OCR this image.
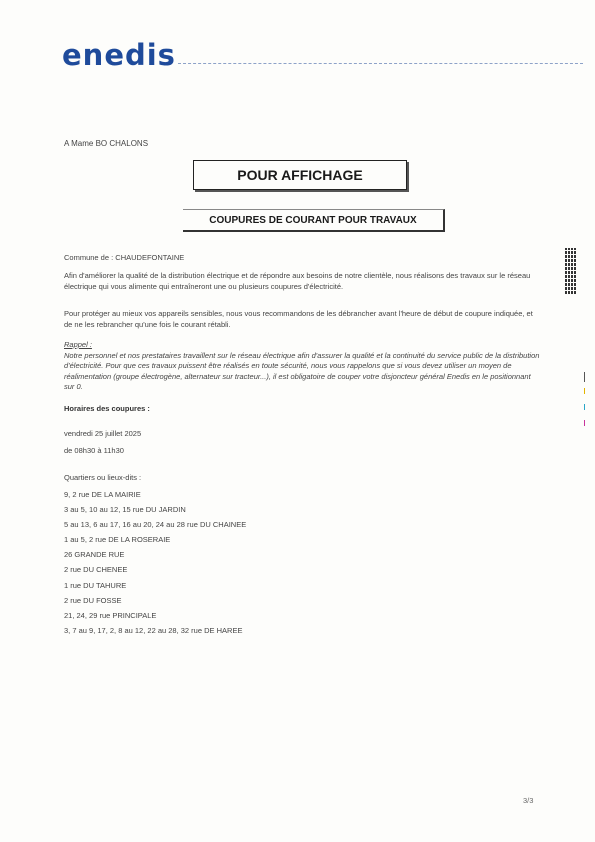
enedis
A Mame BO CHALONS
POUR AFFICHAGE
COUPURES DE COURANT POUR TRAVAUX
Commune de : CHAUDEFONTAINE
Afin d'améliorer la qualité de la distribution électrique et de répondre aux besoins de notre clientèle, nous réalisons des travaux sur le réseau électrique qui vous alimente qui entraîneront une ou plusieurs coupures d'électricité.
Pour protéger au mieux vos appareils sensibles, nous vous recommandons de les débrancher avant l'heure de début de coupure indiquée, et de ne les rebrancher qu'une fois le courant rétabli.
Rappel :
Notre personnel et nos prestataires travaillent sur le réseau électrique afin d'assurer la qualité et la continuité du service public de la distribution d'électricité. Pour que ces travaux puissent être réalisés en toute sécurité, nous vous rappelons que si vous devez utiliser un moyen de réalimentation (groupe électrogène, alternateur sur tracteur...), il est obligatoire de couper votre disjoncteur général Enedis en le positionnant sur 0.
Horaires des coupures :
vendredi 25 juillet 2025
de 08h30 à 11h30
Quartiers ou lieux-dits :
9, 2 rue DE LA MAIRIE
3 au 5, 10 au 12, 15 rue DU JARDIN
5 au 13, 6 au 17, 16 au 20, 24 au 28 rue DU CHAINEE
1 au 5, 2 rue DE LA ROSERAIE
26 GRANDE RUE
2 rue DU CHENEE
1 rue DU TAHURE
2 rue DU FOSSE
21, 24, 29 rue PRINCIPALE
3, 7 au 9, 17, 2, 8 au 12, 22 au 28, 32 rue DE HAREE
3/3
